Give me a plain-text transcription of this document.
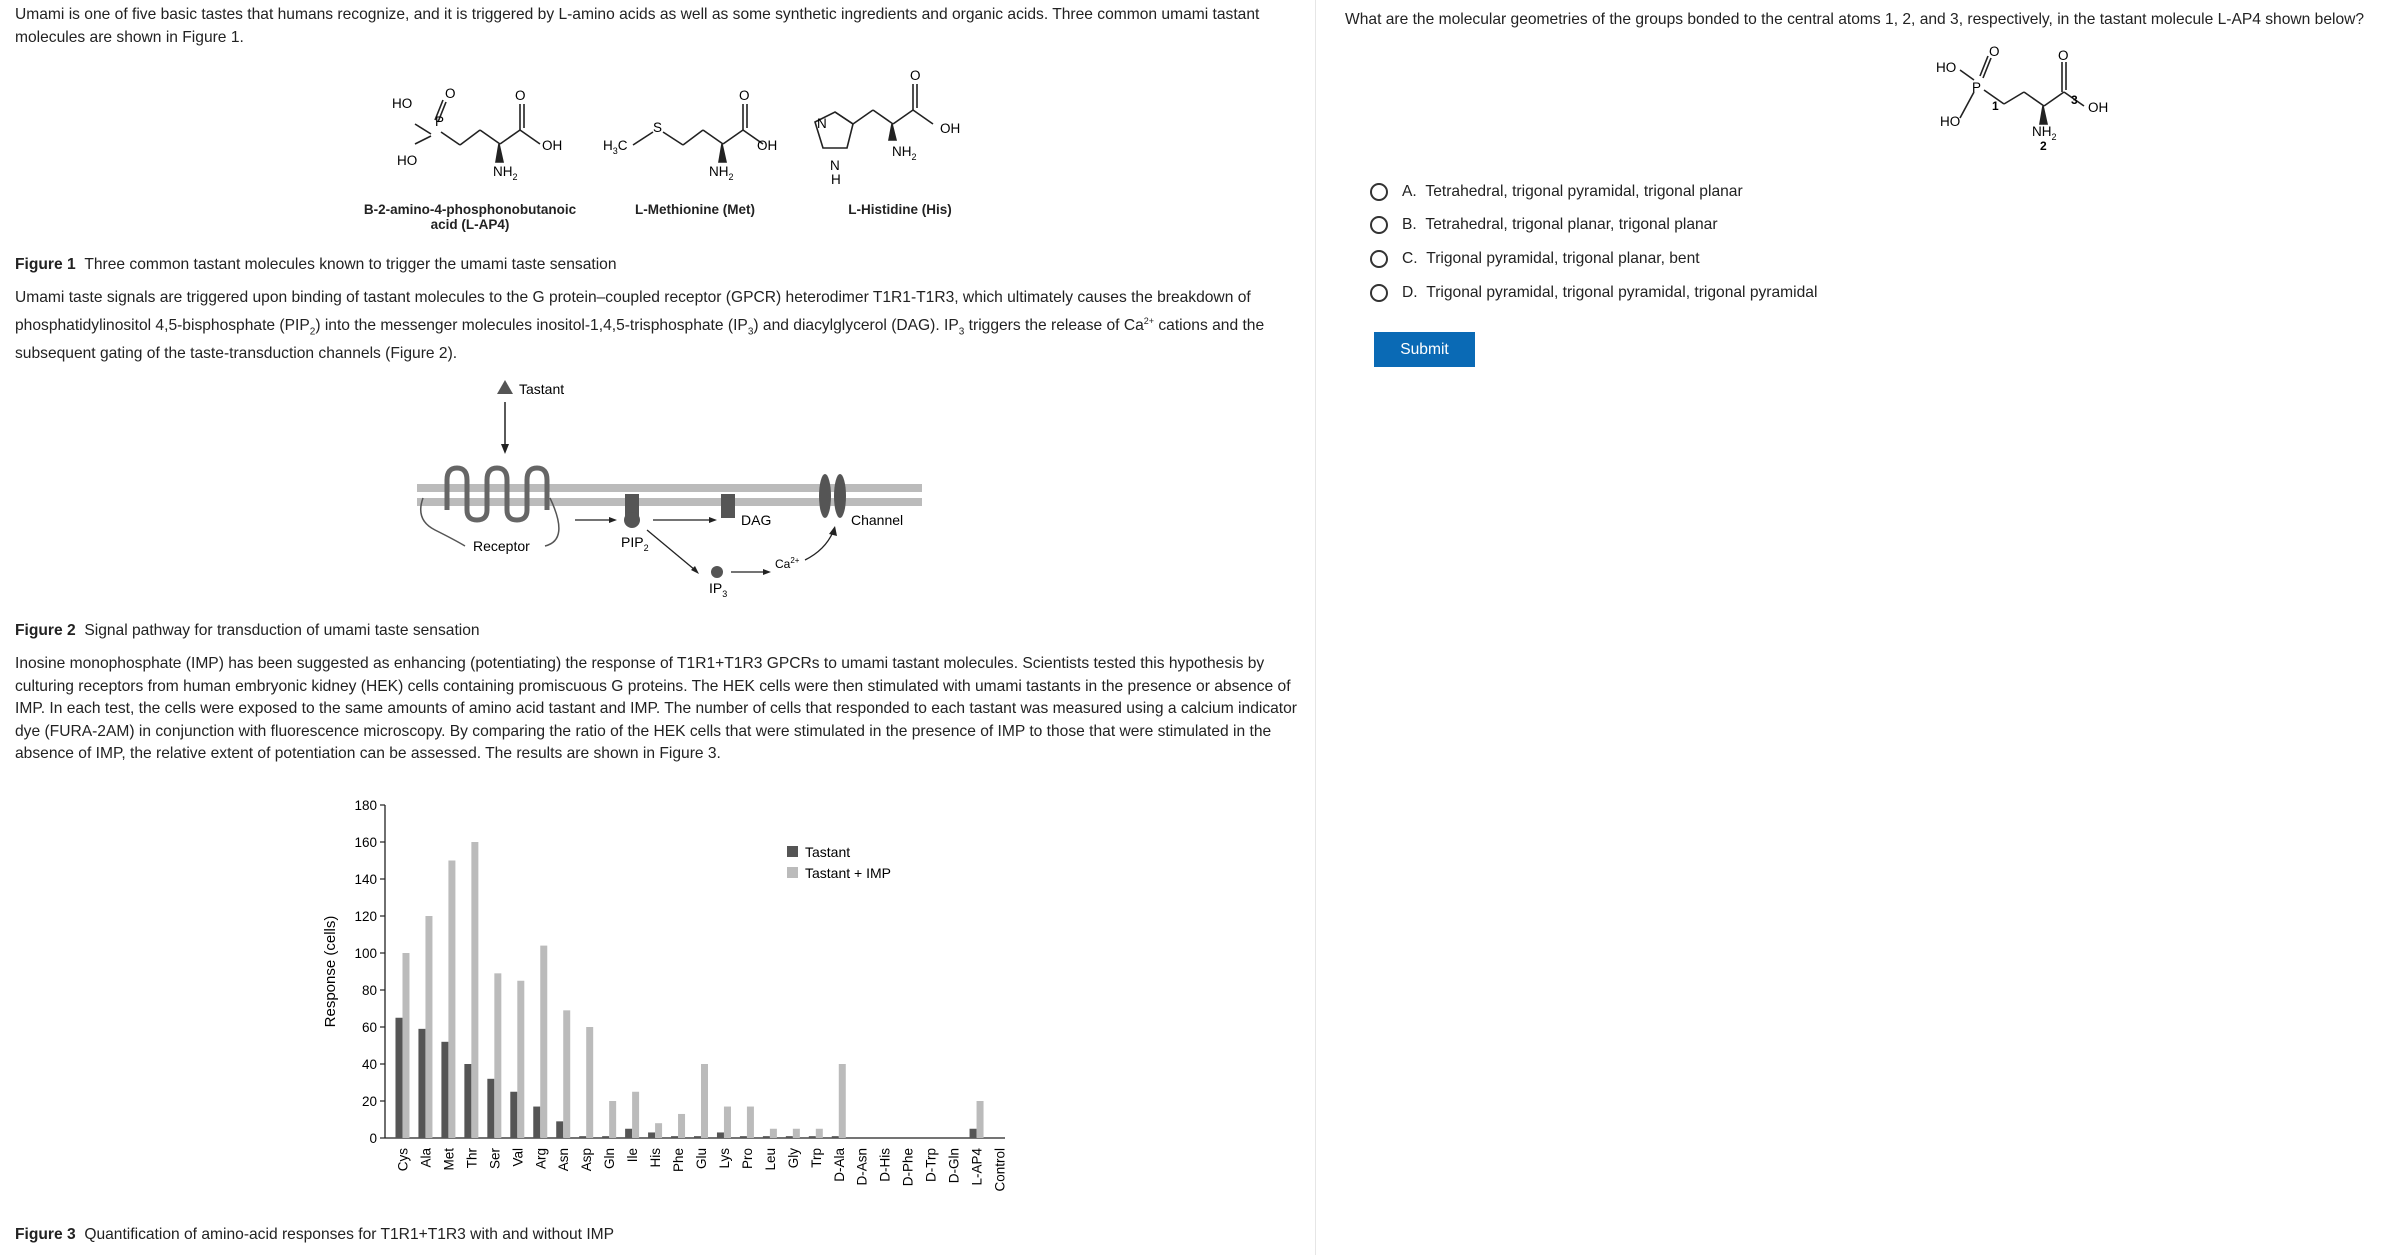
Umami is one of five basic tastes that humans recognize, and it is triggered by L-amino acids as well as some synthetic ingredients and organic acids. Three common umami tastant molecules are shown in Figure 1.

HO
P
O
HO
O
OH
$NH_2$
$H_3C$
S
O
OH
$NH_2$
N
N
H
O
OH
$NH_2$
B-2-amino-4-phosphonobutanoic
acid (L-AP4)
L-Methionine (Met)	L-Histidine (His)
Figure 1 Three common tastant molecules known to trigger the umami taste sensation

Umami taste signals are triggered upon binding of tastant molecules to the G protein–coupled receptor (GPCR) heterodimer T1R1-T1R3, which ultimately causes the breakdown of phosphatidylinositol 4,5-bisphosphate $(PIP_2)$ into the messenger molecules inositol-1,4,5-trisphosphate $(IP_3)$ and diacylglycerol (DAG). $IP_3$ triggers the release of $Ca^{2+}$ cations and the subsequent gating of the taste-transduction channels (Figure 2).

Tastant
Receptor	$PIP_2$
DAG
$IP_3$
$Ca^{2+}$
Channel
Figure 2 Signal pathway for transduction of umami taste sensation

Inosine monophosphate (IMP) has been suggested as enhancing (potentiating) the response of T1R1+T1R3 GPCRs to umami tastant molecules. Scientists tested this hypothesis by culturing receptors from human embryonic kidney (HEK) cells containing promiscuous G proteins. The HEK cells were then stimulated with umami tastants in the presence or absence of IMP. In each test, the cells were exposed to the same amounts of amino acid tastant and IMP. The number of cells that responded to each tastant was measured using a calcium indicator dye (FURA-2AM) in conjunction with fluorescence microscopy. By comparing the ratio of the HEK cells that were stimulated in the presence of IMP to those that were stimulated in the absence of IMP, the relative extent of potentiation can be assessed. The results are shown in Figure 3.

0
20
40
60
80
100
120
140
160
180
Response (cells)
Cys Ala Met Thr Ser Val Arg Asn Asp Gln Ile His Phe Glu Lys Pro Leu Gly Trp D-Ala D-Asn D-His D-Phe D-Trp D-Gln L-AP4 Control
Tastant
Tastant + IMP
Figure 3 Quantification of amino-acid responses for T1R1+T1R3 with and without IMP

What are the molecular geometries of the groups bonded to the central atoms 1, 2, and 3, respectively, in the tastant molecule L-AP4 shown below?

HO
P
O
HO
O
OH
$NH_2$
1
2
3
A.
Tetrahedral, trigonal pyramidal, trigonal planar
B.
Tetrahedral, trigonal planar, trigonal planar
C.
Trigonal pyramidal, trigonal planar, bent
D.
Trigonal pyramidal, trigonal pyramidal, trigonal pyramidal
Submit
